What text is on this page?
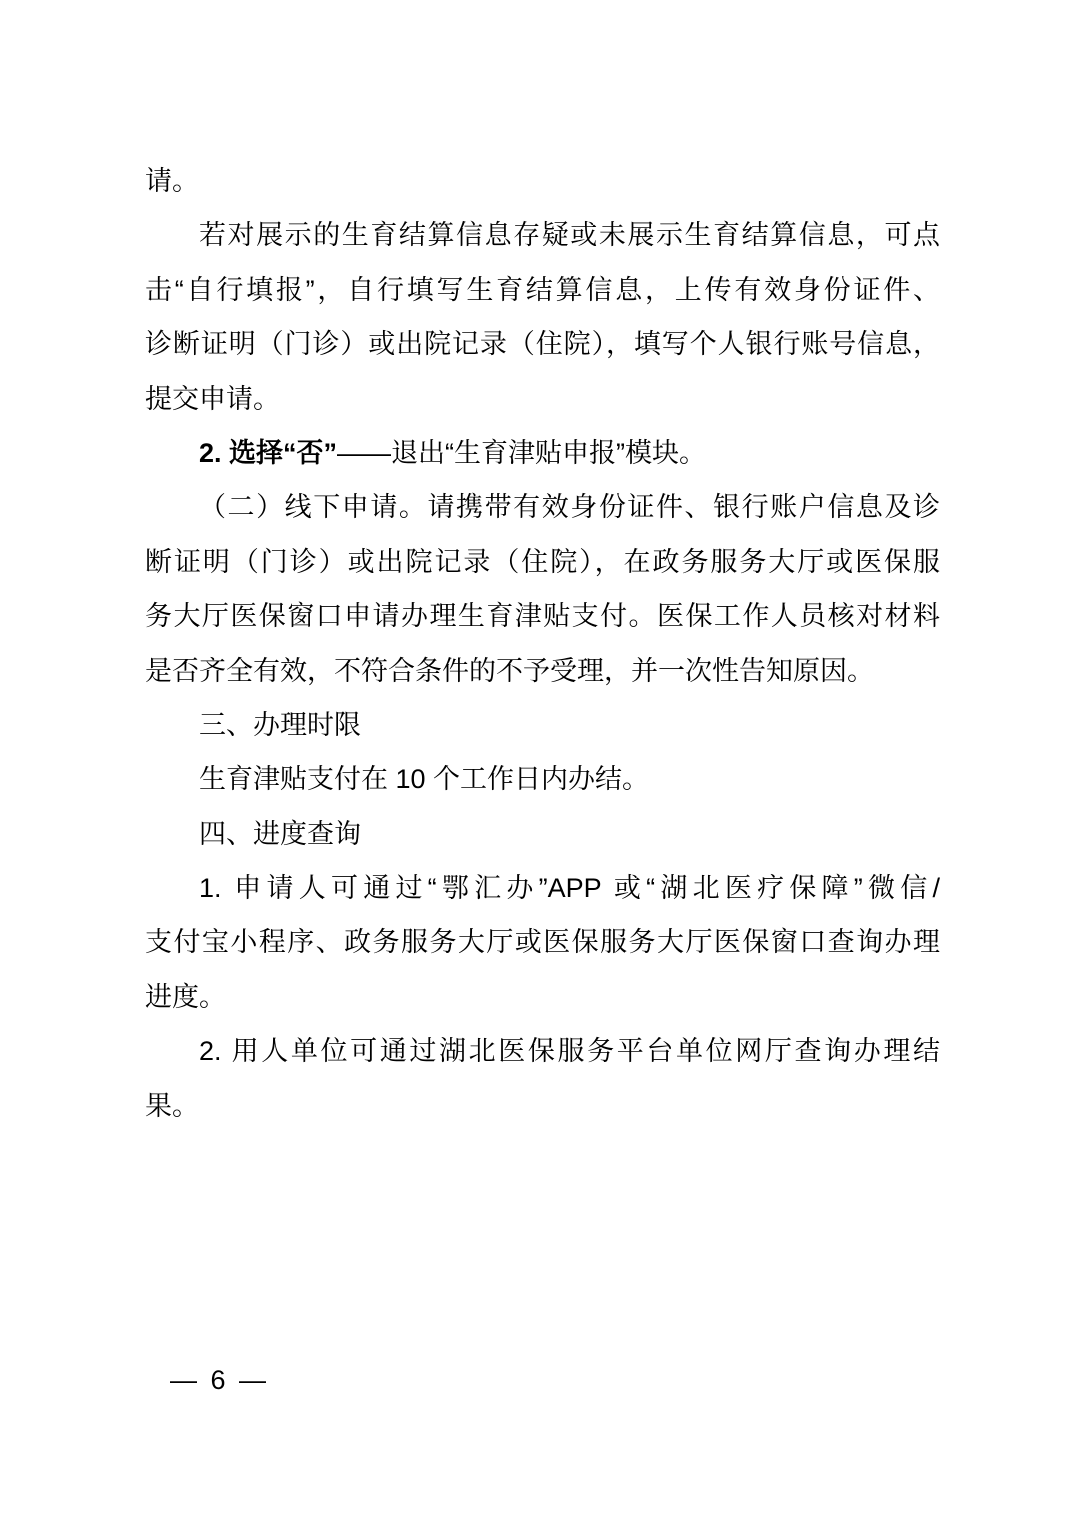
请。
若对展示的生育结算信息存疑或未展示生育结算信息，可点
击“自行填报”，自行填写生育结算信息，上传有效身份证件、
诊断证明（门诊）或出院记录（住院），填写个人银行账号信息，
提交申请。
2. 选择“否”——退出“生育津贴申报”模块。
（二）线下申请。请携带有效身份证件、银行账户信息及诊
断证明（门诊）或出院记录（住院），在政务服务大厅或医保服
务大厅医保窗口申请办理生育津贴支付。医保工作人员核对材料
是否齐全有效，不符合条件的不予受理，并一次性告知原因。
三、办理时限
生育津贴支付在 10 个工作日内办结。
四、进度查询
1. 申请人可通过“鄂汇办”APP 或“湖北医疗保障”微信/
支付宝小程序、政务服务大厅或医保服务大厅医保窗口查询办理
进度。
2. 用人单位可通过湖北医保服务平台单位网厅查询办理结
果。
— 6 —
